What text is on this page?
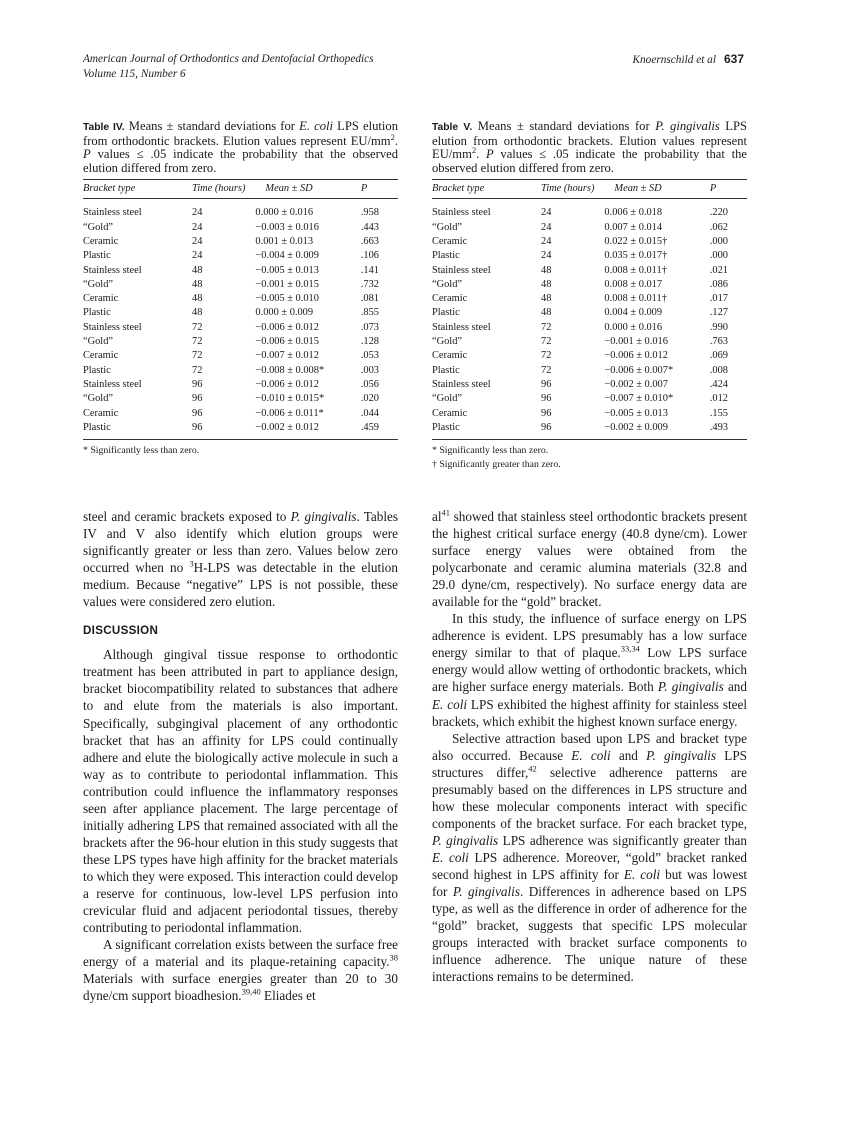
American Journal of Orthodontics and Dentofacial Orthopedics
Volume 115, Number 6
Knoernschild et al 637
Table IV. Means ± standard deviations for E. coli LPS elution from orthodontic brackets. Elution values represent $EU/mm^2$. P values ≤ .05 indicate the probability that the observed elution differed from zero.
Bracket type	Time (hours)	Mean ± SD	P
Stainless steel	24	0.000 ± 0.016	.958
“Gold”	24	−0.003 ± 0.016	.443
Ceramic	24	0.001 ± 0.013	.663
Plastic	24	−0.004 ± 0.009	.106
Stainless steel	48	−0.005 ± 0.013	.141
“Gold”	48	−0.001 ± 0.015	.732
Ceramic	48	−0.005 ± 0.010	.081
Plastic	48	0.000 ± 0.009	.855
Stainless steel	72	−0.006 ± 0.012	.073
“Gold”	72	−0.006 ± 0.015	.128
Ceramic	72	−0.007 ± 0.012	.053
Plastic	72	−0.008 ± 0.008*	.003
Stainless steel	96	−0.006 ± 0.012	.056
“Gold”	96	−0.010 ± 0.015*	.020
Ceramic	96	−0.006 ± 0.011*	.044
Plastic	96	−0.002 ± 0.012	.459
* Significantly less than zero.
Table V. Means ± standard deviations for P. gingivalis LPS elution from orthodontic brackets. Elution values represent $EU/mm^2$. P values ≤ .05 indicate the probability that the observed elution differed from zero.
Bracket type	Time (hours)	Mean ± SD	P
Stainless steel	24	0.006 ± 0.018	.220
“Gold”	24	0.007 ± 0.014	.062
Ceramic	24	0.022 ± 0.015†	.000
Plastic	24	0.035 ± 0.017†	.000
Stainless steel	48	0.008 ± 0.011†	.021
“Gold”	48	0.008 ± 0.017	.086
Ceramic	48	0.008 ± 0.011†	.017
Plastic	48	0.004 ± 0.009	.127
Stainless steel	72	0.000 ± 0.016	.990
“Gold”	72	−0.001 ± 0.016	.763
Ceramic	72	−0.006 ± 0.012	.069
Plastic	72	−0.006 ± 0.007*	.008
Stainless steel	96	−0.002 ± 0.007	.424
“Gold”	96	−0.007 ± 0.010*	.012
Ceramic	96	−0.005 ± 0.013	.155
Plastic	96	−0.002 ± 0.009	.493
* Significantly less than zero.
† Significantly greater than zero.

steel and ceramic brackets exposed to P. gingivalis. Tables IV and V also identify which elution groups were significantly greater or less than zero. Values below zero occurred when no $^3$H-LPS was detectable in the elution medium. Because “negative” LPS is not possible, these values were considered zero elution.

DISCUSSION

Although gingival tissue response to orthodontic treatment has been attributed in part to appliance design, bracket biocompatibility related to substances that adhere to and elute from the materials is also important. Specifically, subgingival placement of any orthodontic bracket that has an affinity for LPS could continually adhere and elute the biologically active molecule in such a way as to contribute to periodontal inflammation. This contribution could influence the inflammatory responses seen after appliance placement. The large percentage of initially adhering LPS that remained associated with all the brackets after the 96-hour elution in this study suggests that these LPS types have high affinity for the bracket materials to which they were exposed. This interaction could develop a reserve for continuous, low-level LPS perfusion into crevicular fluid and adjacent periodontal tissues, thereby contributing to periodontal inflammation.

A significant correlation exists between the surface free energy of a material and its plaque-retaining capacity.$^{38}$ Materials with surface energies greater than 20 to 30 dyne/cm support bioadhesion.$^{39,40}$ Eliades et

$al^{41}$ showed that stainless steel orthodontic brackets present the highest critical surface energy (40.8 dyne/cm). Lower surface energy values were obtained from the polycarbonate and ceramic alumina materials (32.8 and 29.0 dyne/cm, respectively). No surface energy data are available for the “gold” bracket.

In this study, the influence of surface energy on LPS adherence is evident. LPS presumably has a low surface energy similar to that of plaque.$^{33,34}$ Low LPS surface energy would allow wetting of orthodontic brackets, which are higher surface energy materials. Both P. gingivalis and E. coli LPS exhibited the highest affinity for stainless steel brackets, which exhibit the highest known surface energy.

Selective attraction based upon LPS and bracket type also occurred. Because E. coli and P. gingivalis LPS structures differ,$^{42}$ selective adherence patterns are presumably based on the differences in LPS structure and how these molecular components interact with specific components of the bracket surface. For each bracket type, P. gingivalis LPS adherence was significantly greater than E. coli LPS adherence. Moreover, “gold” bracket ranked second highest in LPS affinity for E. coli but was lowest for P. gingivalis. Differences in adherence based on LPS type, as well as the difference in order of adherence for the “gold” bracket, suggests that specific LPS molecular groups interacted with bracket surface components to influence adherence. The unique nature of these interactions remains to be determined.
